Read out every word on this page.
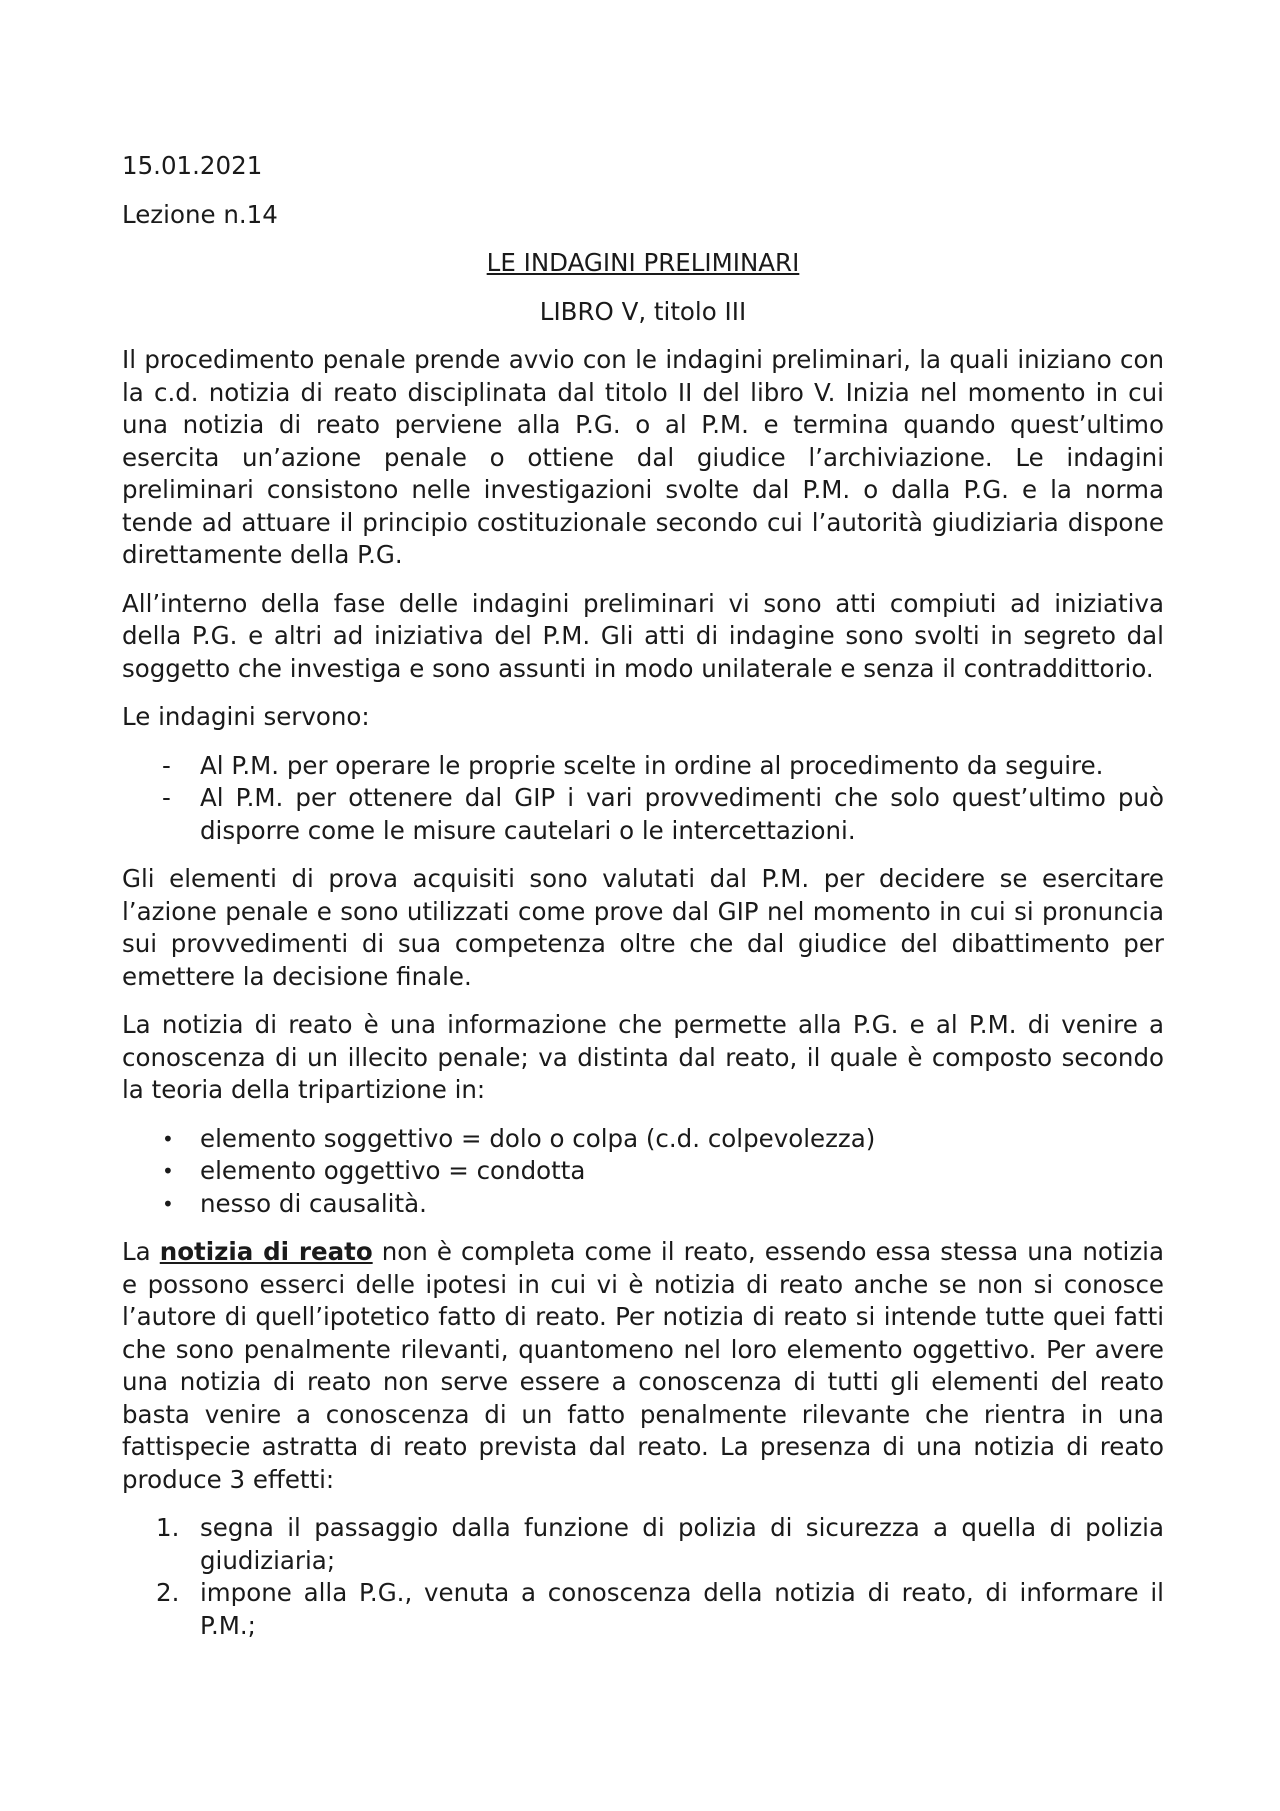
15.01.2021
Lezione n.14
LE INDAGINI PRELIMINARI
LIBRO V, titolo III

Il procedimento penale prende avvio con le indagini preliminari, la quali iniziano con la c.d. notizia di reato disciplinata dal titolo II del libro V. Inizia nel momento in cui una notizia di reato perviene alla P.G. o al P.M. e termina quando quest’ultimo esercita un’azione penale o ottiene dal giudice l’archiviazione. Le indagini preliminari consistono nelle investigazioni svolte dal P.M. o dalla P.G. e la norma tende ad attuare il principio costituzionale secondo cui l’autorità giudiziaria dispone direttamente della P.G.

All’interno della fase delle indagini preliminari vi sono atti compiuti ad iniziativa della P.G. e altri ad iniziativa del P.M. Gli atti di indagine sono svolti in segreto dal soggetto che investiga e sono assunti in modo unilaterale e senza il contraddittorio.

Le indagini servono:

- Al P.M. per operare le proprie scelte in ordine al procedimento da seguire.
- Al P.M. per ottenere dal GIP i vari provvedimenti che solo quest’ultimo può disporre come le misure cautelari o le intercettazioni.

Gli elementi di prova acquisiti sono valutati dal P.M. per decidere se esercitare l’azione penale e sono utilizzati come prove dal GIP nel momento in cui si pronuncia sui provvedimenti di sua competenza oltre che dal giudice del dibattimento per emettere la decisione finale.

La notizia di reato è una informazione che permette alla P.G. e al P.M. di venire a conoscenza di un illecito penale; va distinta dal reato, il quale è composto secondo la teoria della tripartizione in:

• elemento soggettivo = dolo o colpa (c.d. colpevolezza)
• elemento oggettivo = condotta
• nesso di causalità.

La notizia di reato non è completa come il reato, essendo essa stessa una notizia e possono esserci delle ipotesi in cui vi è notizia di reato anche se non si conosce l’autore di quell’ipotetico fatto di reato. Per notizia di reato si intende tutte quei fatti che sono penalmente rilevanti, quantomeno nel loro elemento oggettivo. Per avere una notizia di reato non serve essere a conoscenza di tutti gli elementi del reato basta venire a conoscenza di un fatto penalmente rilevante che rientra in una fattispecie astratta di reato prevista dal reato. La presenza di una notizia di reato produce 3 effetti:

1. segna il passaggio dalla funzione di polizia di sicurezza a quella di polizia giudiziaria;
2. impone alla P.G., venuta a conoscenza della notizia di reato, di informare il P.M.;
